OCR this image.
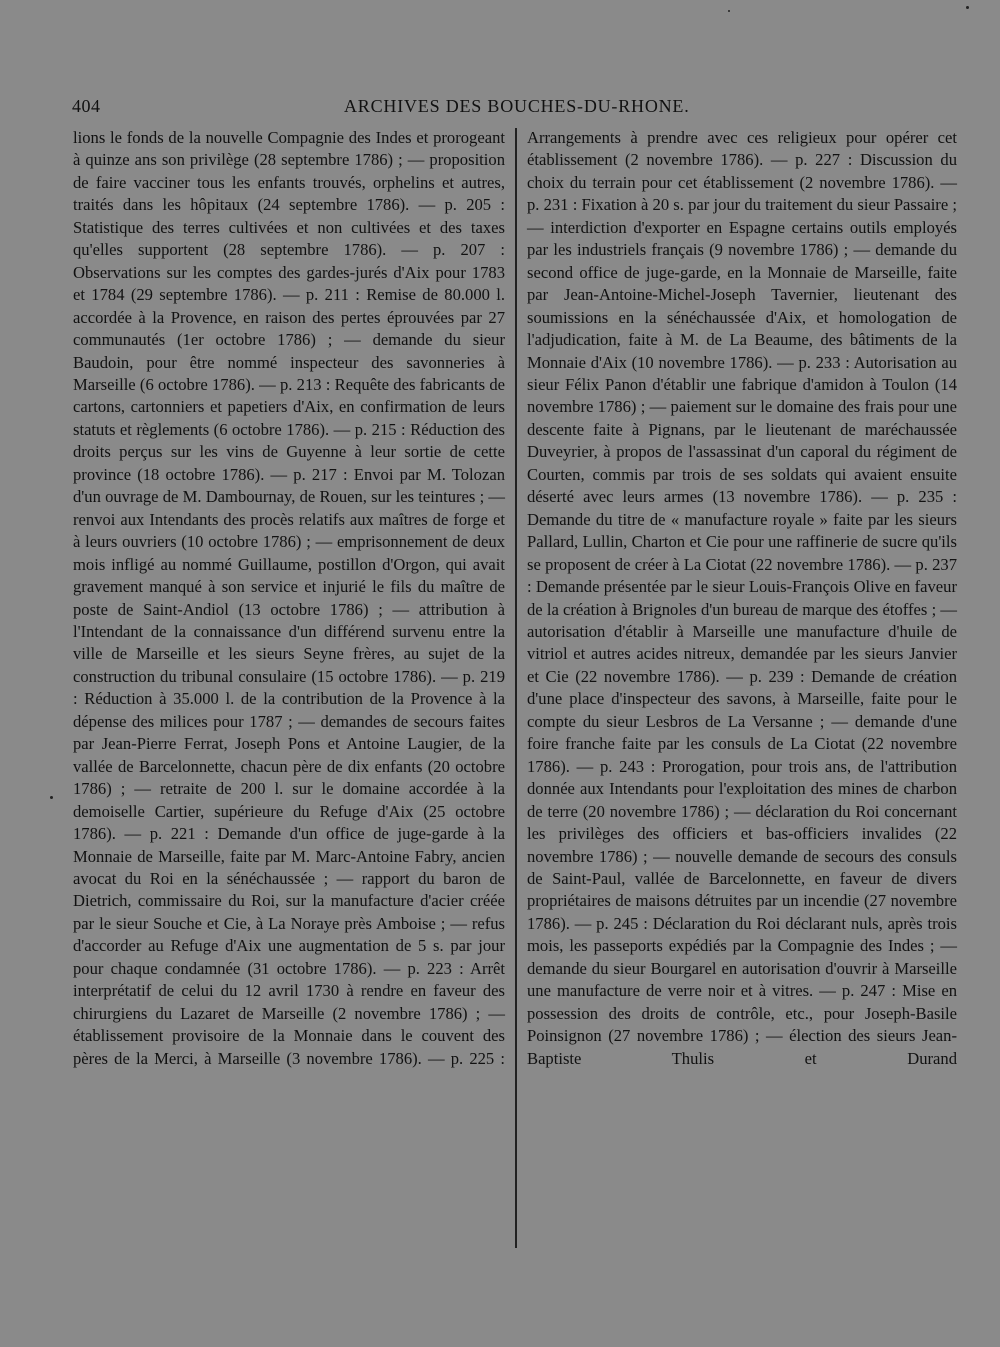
404	ARCHIVES DES BOUCHES-DU-RHONE.
lions le fonds de la nouvelle Compagnie des Indes et prorogeant à quinze ans son privilège (28 septembre 1786) ; — proposition de faire vacciner tous les enfants trouvés, orphelins et autres, traités dans les hôpitaux (24 septembre 1786). — p. 205 : Statistique des terres cultivées et non cultivées et des taxes qu'elles supportent (28 septembre 1786). — p. 207 : Observations sur les comptes des gardes-jurés d'Aix pour 1783 et 1784 (29 septembre 1786). — p. 211 : Remise de 80.000 l. accordée à la Provence, en raison des pertes éprouvées par 27 communautés (1er octobre 1786) ; — demande du sieur Baudoin, pour être nommé inspecteur des savonneries à Marseille (6 octobre 1786). — p. 213 : Requête des fabricants de cartons, cartonniers et papetiers d'Aix, en confirmation de leurs statuts et règlements (6 octobre 1786). — p. 215 : Réduction des droits perçus sur les vins de Guyenne à leur sortie de cette province (18 octobre 1786). — p. 217 : Envoi par M. Tolozan d'un ouvrage de M. Dambournay, de Rouen, sur les teintures ; — renvoi aux Intendants des procès relatifs aux maîtres de forge et à leurs ouvriers (10 octobre 1786) ; — emprisonnement de deux mois infligé au nommé Guillaume, postillon d'Orgon, qui avait gravement manqué à son service et injurié le fils du maître de poste de Saint-Andiol (13 octobre 1786) ; — attribution à l'Intendant de la connaissance d'un différend survenu entre la ville de Marseille et les sieurs Seyne frères, au sujet de la construction du tribunal consulaire (15 octobre 1786). — p. 219 : Réduction à 35.000 l. de la contribution de la Provence à la dépense des milices pour 1787 ; — demandes de secours faites par Jean-Pierre Ferrat, Joseph Pons et Antoine Laugier, de la vallée de Barcelonnette, chacun père de dix enfants (20 octobre 1786) ; — retraite de 200 l. sur le domaine accordée à la demoiselle Cartier, supérieure du Refuge d'Aix (25 octobre 1786). — p. 221 : Demande d'un office de juge-garde à la Monnaie de Marseille, faite par M. Marc-Antoine Fabry, ancien avocat du Roi en la sénéchaussée ; — rapport du baron de Dietrich, commissaire du Roi, sur la manufacture d'acier créée par le sieur Souche et Cie, à La Noraye près Amboise ; — refus d'accorder au Refuge d'Aix une augmentation de 5 s. par jour pour chaque condamnée (31 octobre 1786). — p. 223 : Arrêt interprétatif de celui du 12 avril 1730 à rendre en faveur des chirurgiens du Lazaret de Marseille (2 novembre 1786) ; — établissement provisoire de la Monnaie dans le couvent des pères de la Merci, à Marseille (3 novembre 1786). — p. 225 :
Arrangements à prendre avec ces religieux pour opérer cet établissement (2 novembre 1786). — p. 227 : Discussion du choix du terrain pour cet établissement (2 novembre 1786). — p. 231 : Fixation à 20 s. par jour du traitement du sieur Passaire ; — interdiction d'exporter en Espagne certains outils employés par les industriels français (9 novembre 1786) ; — demande du second office de juge-garde, en la Monnaie de Marseille, faite par Jean-Antoine-Michel-Joseph Tavernier, lieutenant des soumissions en la sénéchaussée d'Aix, et homologation de l'adjudication, faite à M. de La Beaume, des bâtiments de la Monnaie d'Aix (10 novembre 1786). — p. 233 : Autorisation au sieur Félix Panon d'établir une fabrique d'amidon à Toulon (14 novembre 1786) ; — paiement sur le domaine des frais pour une descente faite à Pignans, par le lieutenant de maréchaussée Duveyrier, à propos de l'assassinat d'un caporal du régiment de Courten, commis par trois de ses soldats qui avaient ensuite déserté avec leurs armes (13 novembre 1786). — p. 235 : Demande du titre de « manufacture royale » faite par les sieurs Pallard, Lullin, Charton et Cie pour une raffinerie de sucre qu'ils se proposent de créer à La Ciotat (22 novembre 1786). — p. 237 : Demande présentée par le sieur Louis-François Olive en faveur de la création à Brignoles d'un bureau de marque des étoffes ; — autorisation d'établir à Marseille une manufacture d'huile de vitriol et autres acides nitreux, demandée par les sieurs Janvier et Cie (22 novembre 1786). — p. 239 : Demande de création d'une place d'inspecteur des savons, à Marseille, faite pour le compte du sieur Lesbros de La Versanne ; — demande d'une foire franche faite par les consuls de La Ciotat (22 novembre 1786). — p. 243 : Prorogation, pour trois ans, de l'attribution donnée aux Intendants pour l'exploitation des mines de charbon de terre (20 novembre 1786) ; — déclaration du Roi concernant les privilèges des officiers et bas-officiers invalides (22 novembre 1786) ; — nouvelle demande de secours des consuls de Saint-Paul, vallée de Barcelonnette, en faveur de divers propriétaires de maisons détruites par un incendie (27 novembre 1786). — p. 245 : Déclaration du Roi déclarant nuls, après trois mois, les passeports expédiés par la Compagnie des Indes ; — demande du sieur Bourgarel en autorisation d'ouvrir à Marseille une manufacture de verre noir et à vitres. — p. 247 : Mise en possession des droits de contrôle, etc., pour Joseph-Basile Poinsignon (27 novembre 1786) ; — élection des sieurs Jean-Baptiste Thulis et Durand
